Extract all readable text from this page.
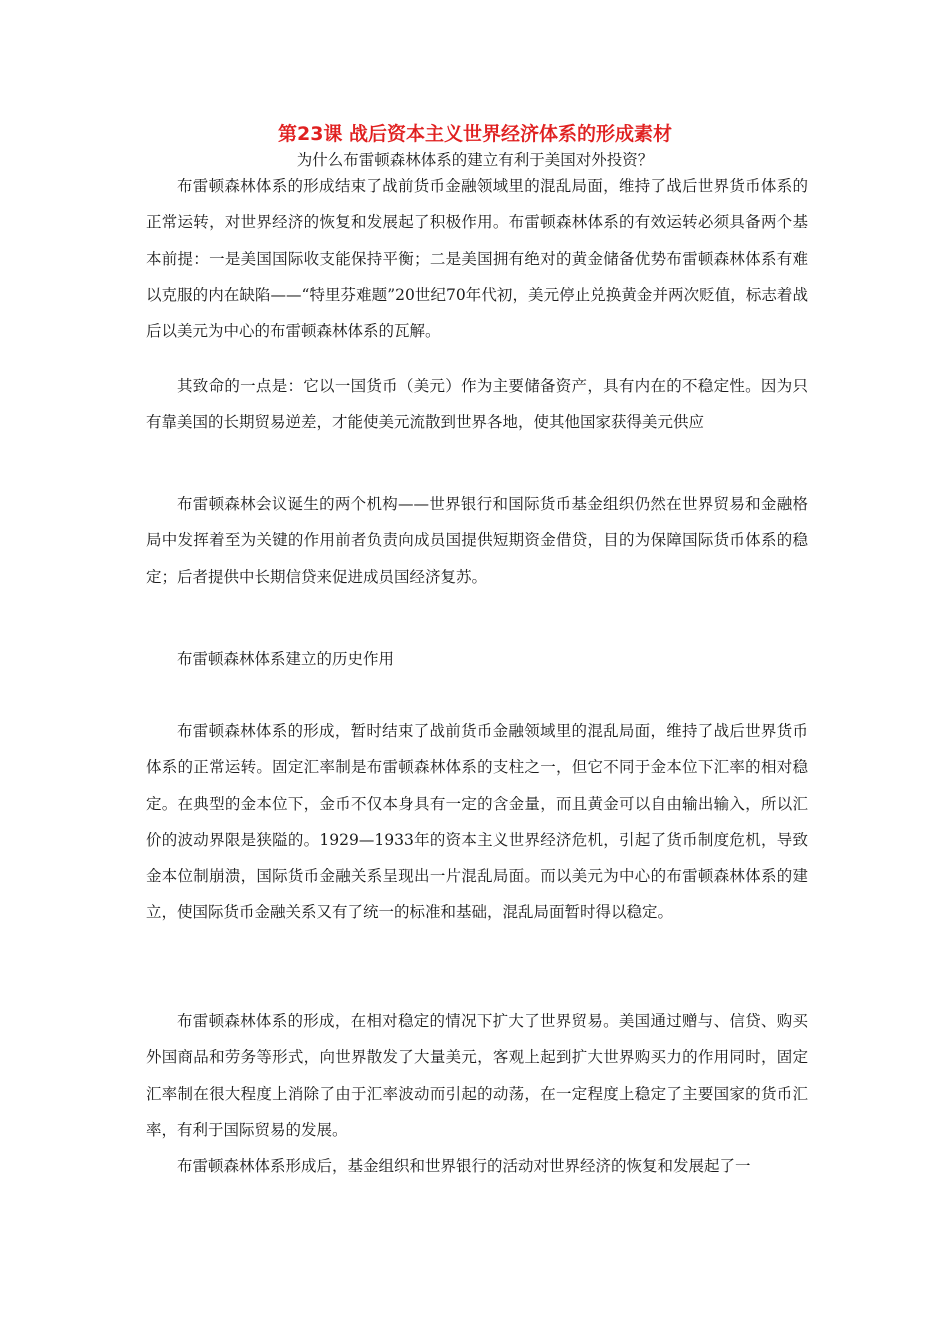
第23课 战后资本主义世界经济体系的形成素材
为什么布雷顿森林体系的建立有利于美国对外投资？

布雷顿森林体系的形成结束了战前货币金融领域里的混乱局面，维持了战后世界货币体系的正常运转，对世界经济的恢复和发展起了积极作用。布雷顿森林体系的有效运转必须具备两个基本前提：一是美国国际收支能保持平衡；二是美国拥有绝对的黄金储备优势布雷顿森林体系有难以克服的内在缺陷——“特里芬难题”20世纪70年代初，美元停止兑换黄金并两次贬值，标志着战后以美元为中心的布雷顿森林体系的瓦解。

其致命的一点是：它以一国货币（美元）作为主要储备资产，具有内在的不稳定性。因为只有靠美国的长期贸易逆差，才能使美元流散到世界各地，使其他国家获得美元供应

布雷顿森林会议诞生的两个机构——世界银行和国际货币基金组织仍然在世界贸易和金融格局中发挥着至为关键的作用前者负责向成员国提供短期资金借贷，目的为保障国际货币体系的稳定；后者提供中长期信贷来促进成员国经济复苏。

布雷顿森林体系建立的历史作用

布雷顿森林体系的形成，暂时结束了战前货币金融领域里的混乱局面，维持了战后世界货币体系的正常运转。固定汇率制是布雷顿森林体系的支柱之一，但它不同于金本位下汇率的相对稳定。在典型的金本位下，金币不仅本身具有一定的含金量，而且黄金可以自由输出输入，所以汇价的波动界限是狭隘的。1929—1933年的资本主义世界经济危机，引起了货币制度危机，导致金本位制崩溃，国际货币金融关系呈现出一片混乱局面。而以美元为中心的布雷顿森林体系的建立，使国际货币金融关系又有了统一的标准和基础，混乱局面暂时得以稳定。

布雷顿森林体系的形成，在相对稳定的情况下扩大了世界贸易。美国通过赠与、信贷、购买外国商品和劳务等形式，向世界散发了大量美元，客观上起到扩大世界购买力的作用同时，固定汇率制在很大程度上消除了由于汇率波动而引起的动荡，在一定程度上稳定了主要国家的货币汇率，有利于国际贸易的发展。

布雷顿森林体系形成后，基金组织和世界银行的活动对世界经济的恢复和发展起了一
